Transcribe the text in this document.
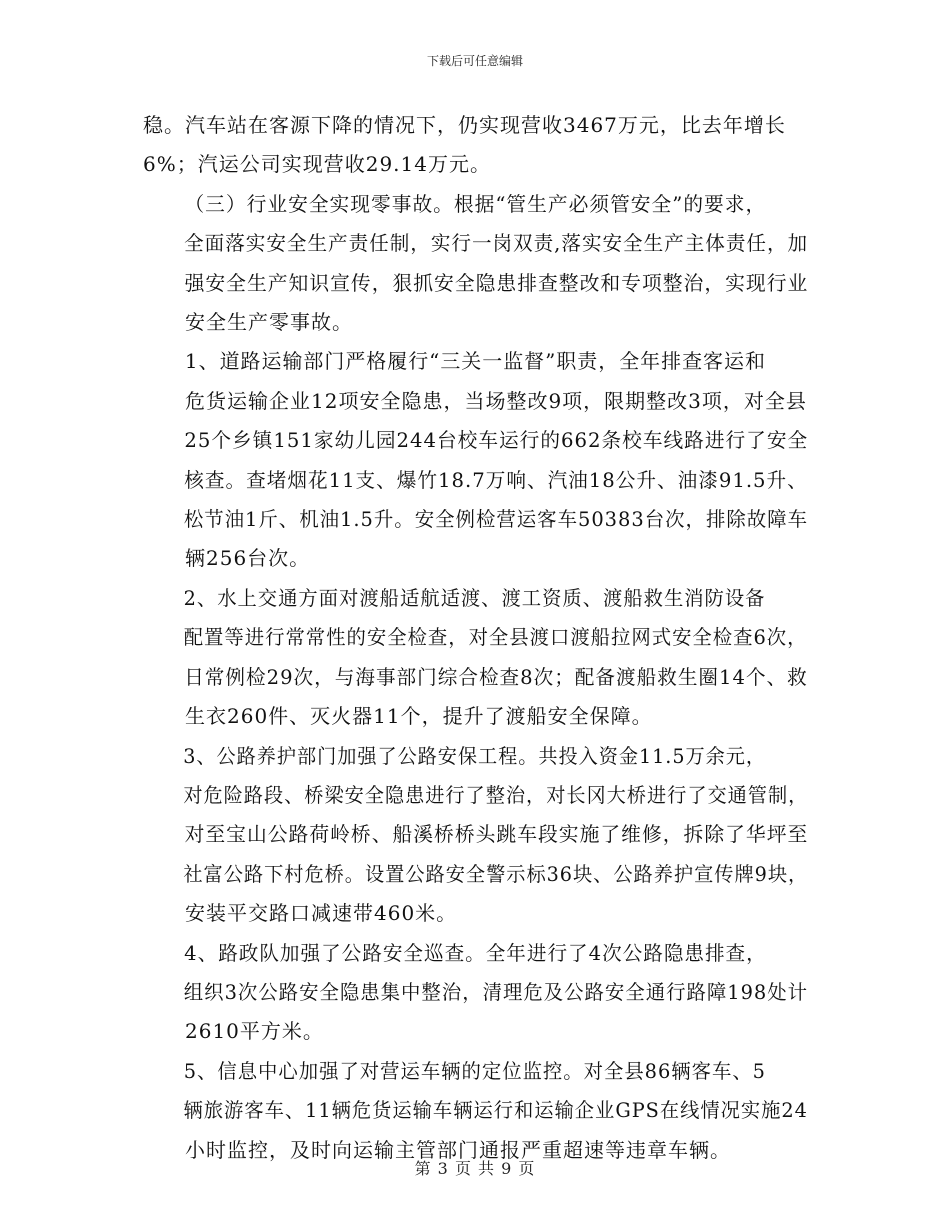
下载后可任意编辑

稳。汽车站在客源下降的情况下，仍实现营收3467万元，比去年增长
6%；汽运公司实现营收29.14万元。

（三）行业安全实现零事故。根据“管生产必须管安全”的要求，
全面落实安全生产责任制，实行一岗双责,落实安全生产主体责任，加
强安全生产知识宣传，狠抓安全隐患排查整改和专项整治，实现行业
安全生产零事故。

1、道路运输部门严格履行“三关一监督”职责，全年排查客运和
危货运输企业12项安全隐患，当场整改9项，限期整改3项，对全县
25个乡镇151家幼儿园244台校车运行的662条校车线路进行了安全
核查。查堵烟花11支、爆竹18.7万响、汽油18公升、油漆91.5升、
松节油1斤、机油1.5升。安全例检营运客车50383台次，排除故障车
辆256台次。

2、水上交通方面对渡船适航适渡、渡工资质、渡船救生消防设备
配置等进行常常性的安全检查，对全县渡口渡船拉网式安全检查6次，
日常例检29次，与海事部门综合检查8次；配备渡船救生圈14个、救
生衣260件、灭火器11个，提升了渡船安全保障。

3、公路养护部门加强了公路安保工程。共投入资金11.5万余元，
对危险路段、桥梁安全隐患进行了整治，对长冈大桥进行了交通管制，
对至宝山公路荷岭桥、船溪桥桥头跳车段实施了维修，拆除了华坪至
社富公路下村危桥。设置公路安全警示标36块、公路养护宣传牌9块，
安装平交路口减速带460米。

4、路政队加强了公路安全巡查。全年进行了4次公路隐患排查，
组织3次公路安全隐患集中整治，清理危及公路安全通行路障198处计
2610平方米。

5、信息中心加强了对营运车辆的定位监控。对全县86辆客车、5
辆旅游客车、11辆危货运输车辆运行和运输企业GPS在线情况实施24
小时监控，及时向运输主管部门通报严重超速等违章车辆。

第 3 页 共 9 页
